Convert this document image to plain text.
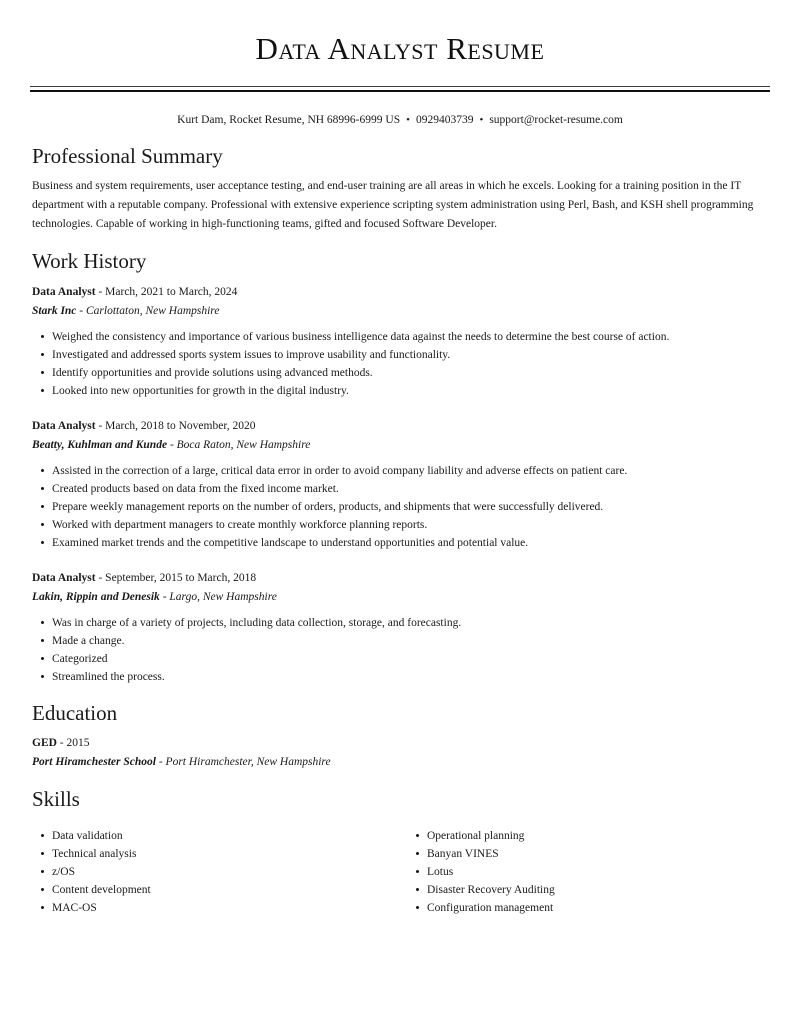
Data Analyst Resume
Kurt Dam, Rocket Resume, NH 68996-6999 US • 0929403739 • support@rocket-resume.com
Professional Summary

Business and system requirements, user acceptance testing, and end-user training are all areas in which he excels. Looking for a training position in the IT department with a reputable company. Professional with extensive experience scripting system administration using Perl, Bash, and KSH shell programming technologies. Capable of working in high-functioning teams, gifted and focused Software Developer.

Work History
Data Analyst - March, 2021 to March, 2024
Stark Inc - Carlottaton, New Hampshire
Weighed the consistency and importance of various business intelligence data against the needs to determine the best course of action.
Investigated and addressed sports system issues to improve usability and functionality.
Identify opportunities and provide solutions using advanced methods.
Looked into new opportunities for growth in the digital industry.
Data Analyst - March, 2018 to November, 2020
Beatty, Kuhlman and Kunde - Boca Raton, New Hampshire
Assisted in the correction of a large, critical data error in order to avoid company liability and adverse effects on patient care.
Created products based on data from the fixed income market.
Prepare weekly management reports on the number of orders, products, and shipments that were successfully delivered.
Worked with department managers to create monthly workforce planning reports.
Examined market trends and the competitive landscape to understand opportunities and potential value.
Data Analyst - September, 2015 to March, 2018
Lakin, Rippin and Denesik - Largo, New Hampshire
Was in charge of a variety of projects, including data collection, storage, and forecasting.
Made a change.
Categorized
Streamlined the process.
Education
GED - 2015
Port Hiramchester School - Port Hiramchester, New Hampshire
Skills
Data validation
Technical analysis
z/OS
Content development
MAC-OS
Operational planning
Banyan VINES
Lotus
Disaster Recovery Auditing
Configuration management
